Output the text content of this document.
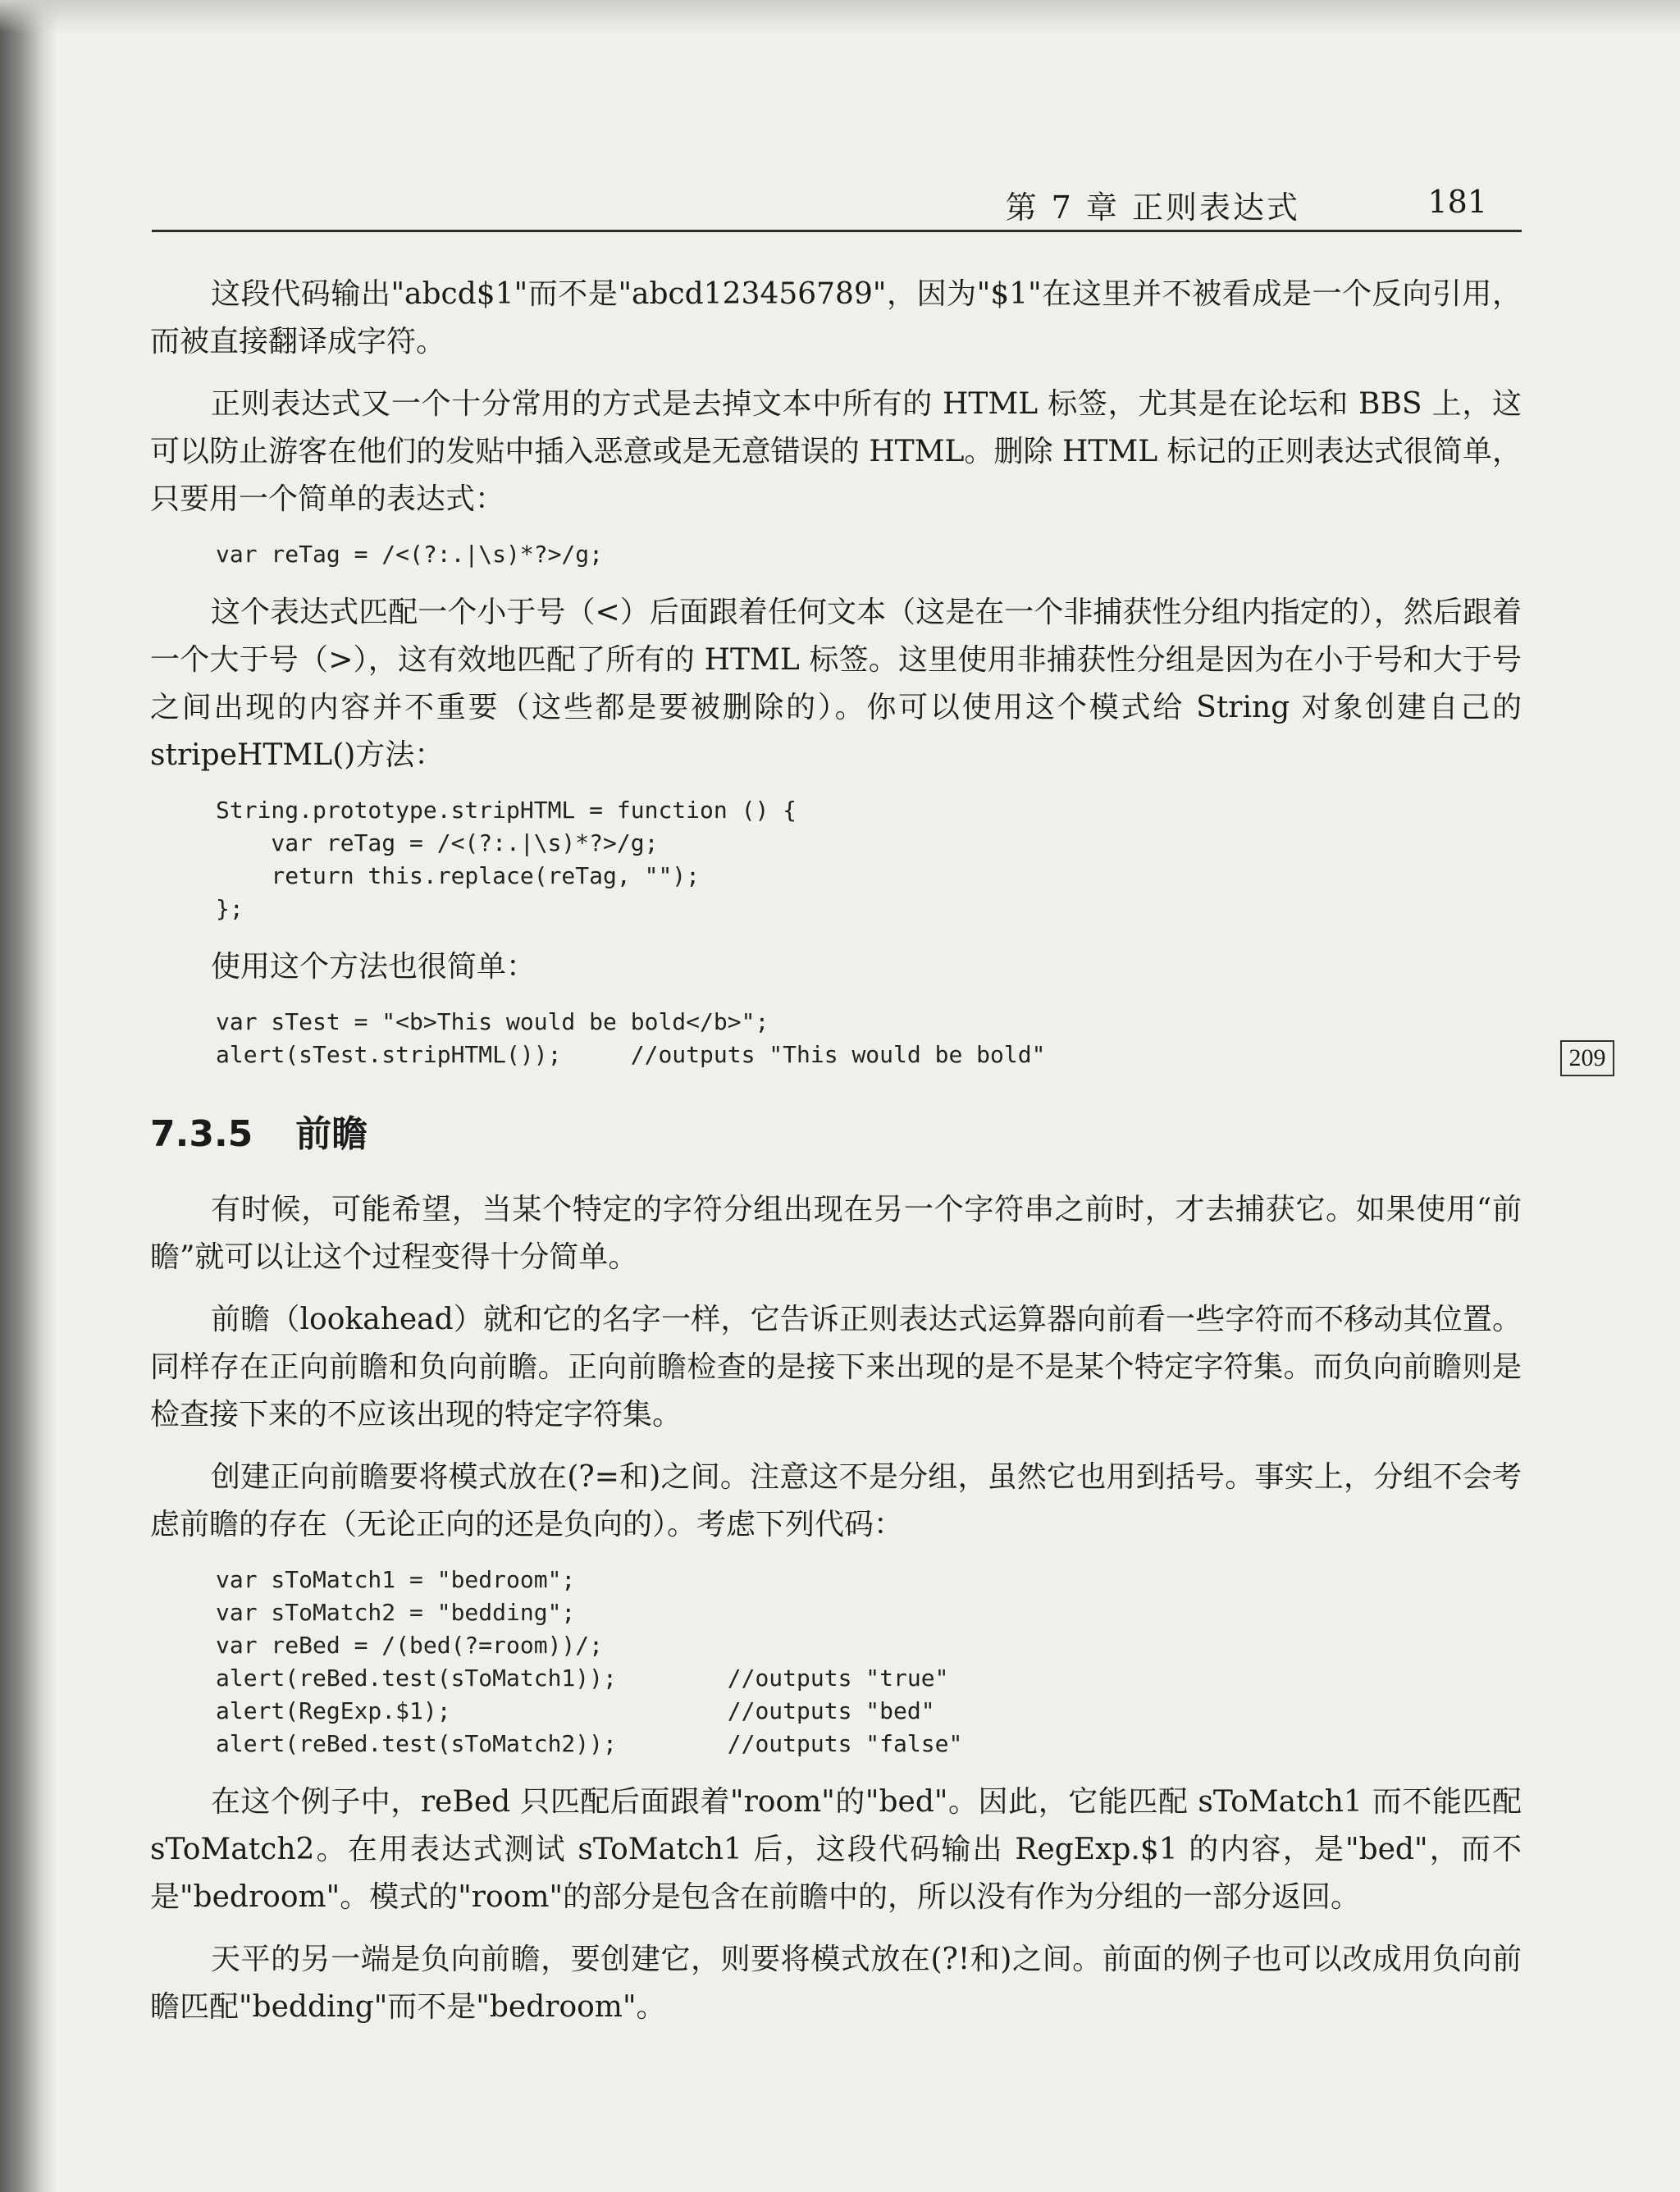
第 7 章 正则表达式	181
209

这段代码输出"abcd$1"而不是"abcd123456789"，因为"$1"在这里并不被看成是一个反向引用，而被直接翻译成字符。

正则表达式又一个十分常用的方式是去掉文本中所有的 HTML 标签，尤其是在论坛和 BBS 上，这可以防止游客在他们的发贴中插入恶意或是无意错误的 HTML。删除 HTML 标记的正则表达式很简单，只要用一个简单的表达式：

var reTag = /<(?:.|\s)*?>/g;

这个表达式匹配一个小于号（<）后面跟着任何文本（这是在一个非捕获性分组内指定的），然后跟着一个大于号（>），这有效地匹配了所有的 HTML 标签。这里使用非捕获性分组是因为在小于号和大于号之间出现的内容并不重要（这些都是要被删除的）。你可以使用这个模式给 String 对象创建自己的 stripeHTML()方法：

String.prototype.stripHTML = function () {
var reTag = /<(?:.|\s)*?>/g;
return this.replace(reTag, "");
};

使用这个方法也很简单：

var sTest = "<b>This would be bold</b>";
alert(sTest.stripHTML());     //outputs "This would be bold"
7.3.5 前瞻

有时候，可能希望，当某个特定的字符分组出现在另一个字符串之前时，才去捕获它。如果使用“前瞻”就可以让这个过程变得十分简单。

前瞻（lookahead）就和它的名字一样，它告诉正则表达式运算器向前看一些字符而不移动其位置。同样存在正向前瞻和负向前瞻。正向前瞻检查的是接下来出现的是不是某个特定字符集。而负向前瞻则是检查接下来的不应该出现的特定字符集。

创建正向前瞻要将模式放在(?=和)之间。注意这不是分组，虽然它也用到括号。事实上，分组不会考虑前瞻的存在（无论正向的还是负向的）。考虑下列代码：

var sToMatch1 = "bedroom";
var sToMatch2 = "bedding";
var reBed = /(bed(?=room))/;
alert(reBed.test(sToMatch1));        //outputs "true"
alert(RegExp.$1);                    //outputs "bed"
alert(reBed.test(sToMatch2));        //outputs "false"

在这个例子中，reBed 只匹配后面跟着"room"的"bed"。因此，它能匹配 sToMatch1 而不能匹配 sToMatch2。在用表达式测试 sToMatch1 后，这段代码输出 RegExp.$1 的内容，是"bed"，而不是"bedroom"。模式的"room"的部分是包含在前瞻中的，所以没有作为分组的一部分返回。

天平的另一端是负向前瞻，要创建它，则要将模式放在(?!和)之间。前面的例子也可以改成用负向前瞻匹配"bedding"而不是"bedroom"。
